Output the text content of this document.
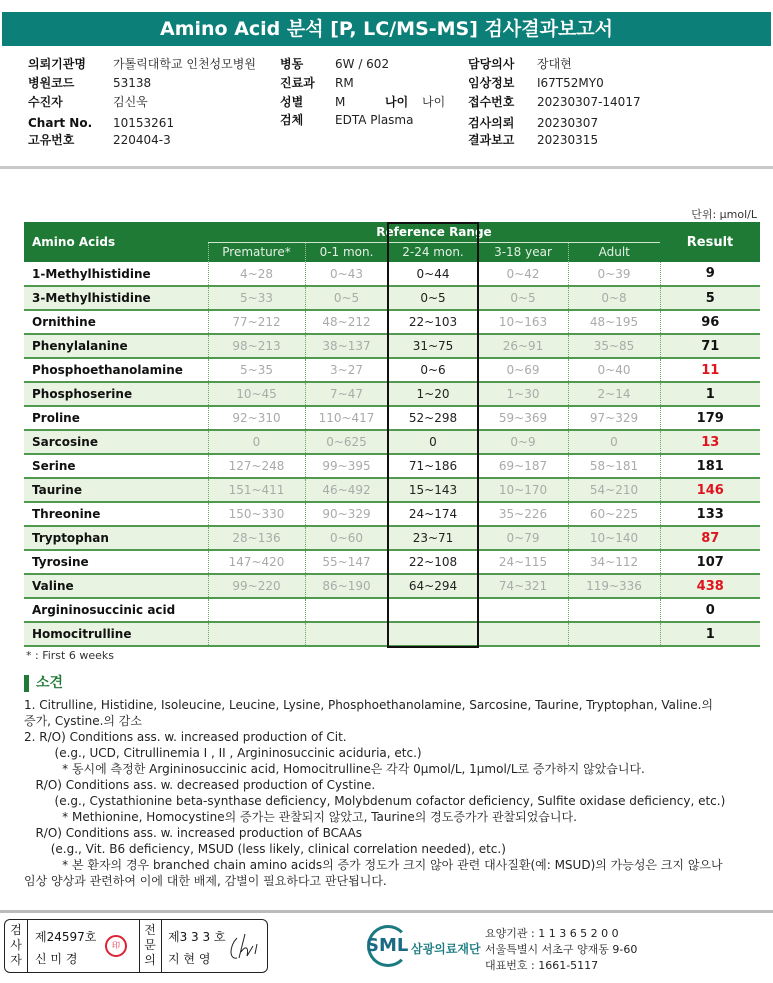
Amino Acid 분석 [P, LC/MS-MS] 검사결과보고서
의뢰기관명 가톨릭대학교 인천성모병원
병원코드	53138
수진자	김신욱
Chart No. 10153261
고유번호	220404-3
병동	6W / 602
진료과 RM
성별	M	나이 나이
검체	EDTA Plasma
담당의사 장대현
임상정보 I67T52MY0
접수번호 20230307-14017
검사의뢰 20230307
결과보고 20230315
단위: μmol/L
Amino Acids	Reference Range					Result
	Premature*	0-1 mon.	2-24 mon.	3-18 year	Adult	
1-Methylhistidine	4~28	0~43	0~44	0~42	0~39	9
3-Methylhistidine	5~33	0~5	0~5	0~5	0~8	5
Ornithine	77~212	48~212	22~103	10~163	48~195	96
Phenylalanine	98~213	38~137	31~75	26~91	35~85	71
Phosphoethanolamine	5~35	3~27	0~6	0~69	0~40	11
Phosphoserine	10~45	7~47	1~20	1~30	2~14	1
Proline	92~310	110~417	52~298	59~369	97~329	179
Sarcosine	0	0~625	0	0~9	0	13
Serine	127~248	99~395	71~186	69~187	58~181	181
Taurine	151~411	46~492	15~143	10~170	54~210	146
Threonine	150~330	90~329	24~174	35~226	60~225	133
Tryptophan	28~136	0~60	23~71	0~79	10~140	87
Tyrosine	147~420	55~147	22~108	24~115	34~112	107
Valine	99~220	86~190	64~294	74~321	119~336	438
Argininosuccinic acid						0
Homocitrulline						1
* : First 6 weeks
소견
1. Citrulline, Histidine, Isoleucine, Leucine, Lysine, Phosphoethanolamine, Sarcosine, Taurine, Tryptophan, Valine.의
증가, Cystine.의 감소
2. R/O) Conditions ass. w. increased production of Cit.
(e.g., UCD, Citrullinemia I , II , Argininosuccinic aciduria, etc.)
* 동시에 측정한 Argininosuccinic acid, Homocitrulline은 각각 0μmol/L, 1μmol/L로 증가하지 않았습니다.
R/O) Conditions ass. w. decreased production of Cystine.
(e.g., Cystathionine beta-synthase deficiency, Molybdenum cofactor deficiency, Sulfite oxidase deficiency, etc.)
* Methionine, Homocystine의 증가는 관찰되지 않았고, Taurine의 경도증가가 관찰되었습니다.
R/O) Conditions ass. w. increased production of BCAAs
(e.g., Vit. B6 deficiency, MSUD (less likely, clinical correlation needed), etc.)
* 본 환자의 경우 branched chain amino acids의 증가 정도가 크지 않아 관련 대사질환(예: MSUD)의 가능성은 크지 않으나
임상 양상과 관련하여 이에 대한 배제, 감별이 필요하다고 판단됩니다.
검사자
제24597호
신 미 경
印
전문의
제3 3 3 호
지 현 영
SML 삼광의료재단
요양기관 : 1 1 3 6 5 2 0 0
서울특별시 서초구 양재동 9-60
대표번호 : 1661-5117
